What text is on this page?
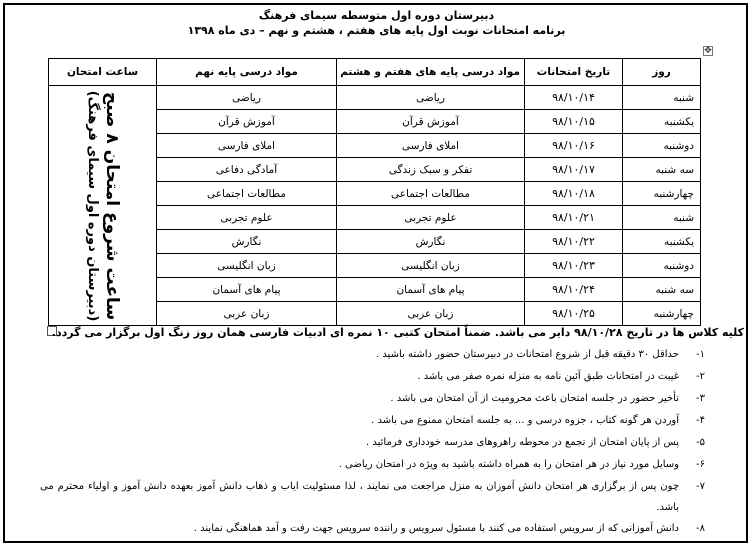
دبیرستان دوره اول متوسطه سیمای فرهنگ
برنامه امتحانات نوبت اول پایه های هفتم ، هشتم و نهم – دی ماه ۱۳۹۸
✥
روز	تاریخ امتحانات	مواد درسی پایه های هفتم و هشتم	مواد درسی پایه نهم	ساعت امتحان
شنبه	۹۸/۱۰/۱۴	ریاضی	ریاضی	ساعت شروع امتحان ۸ صبح
(دبیرستان دوره اول سیمای فرهنگ)

یکشنبه	۹۸/۱۰/۱۵	آموزش قرآن	آموزش قرآن	
دوشنبه	۹۸/۱۰/۱۶	املای فارسی	املای فارسی	
سه شنبه	۹۸/۱۰/۱۷	تفکر و سبک زندگی	آمادگی دفاعی	
چهارشنبه	۹۸/۱۰/۱۸	مطالعات اجتماعی	مطالعات اجتماعی	
شنبه	۹۸/۱۰/۲۱	علوم تجربی	علوم تجربی	
یکشنبه	۹۸/۱۰/۲۲	نگارش	نگارش	
دوشنبه	۹۸/۱۰/۲۳	زبان انگلیسی	زبان انگلیسی	
سه شنبه	۹۸/۱۰/۲۴	پیام های آسمان	پیام های آسمان	
چهارشنبه	۹۸/۱۰/۲۵	زبان عربی	زبان عربی	
کلیه کلاس ها در تاریخ ۹۸/۱۰/۲۸ دایر می باشد. ضمناً امتحان کتبی ۱۰ نمره ای ادبیات فارسی همان روز زنگ اول برگزار می گردد.
۱-
حداقل ۳۰ دقیقه قبل از شروع امتحانات در دبیرستان حضور داشته باشید .
۲-
غیبت در امتحانات طبق آئین نامه به منزله نمره صفر می باشد .
۳-
تأخیر حضور در جلسه امتحان باعث محرومیت از آن امتحان می باشد .
۴-
آوردن هر گونه کتاب ، جزوه درسی و ... به جلسه امتحان ممنوع می باشد .
۵-
پس از پایان امتحان از تجمع در محوطه راهروهای مدرسه خودداری فرمائید .
۶-
وسایل مورد نیاز در هر امتحان را به همراه داشته باشید به ویژه در امتحان ریاضی .
۷-
چون پس از برگزاری هر امتحان دانش آموزان به منزل مراجعت می نمایند ، لذا مسئولیت ایاب و ذهاب دانش آموز بعهده دانش آموز و اولیاء محترم می باشد.
۸-
دانش آموزانی که از سرویس استفاده می کنند با مسئول سرویس و راننده سرویس جهت رفت و آمد هماهنگی نمایند .
